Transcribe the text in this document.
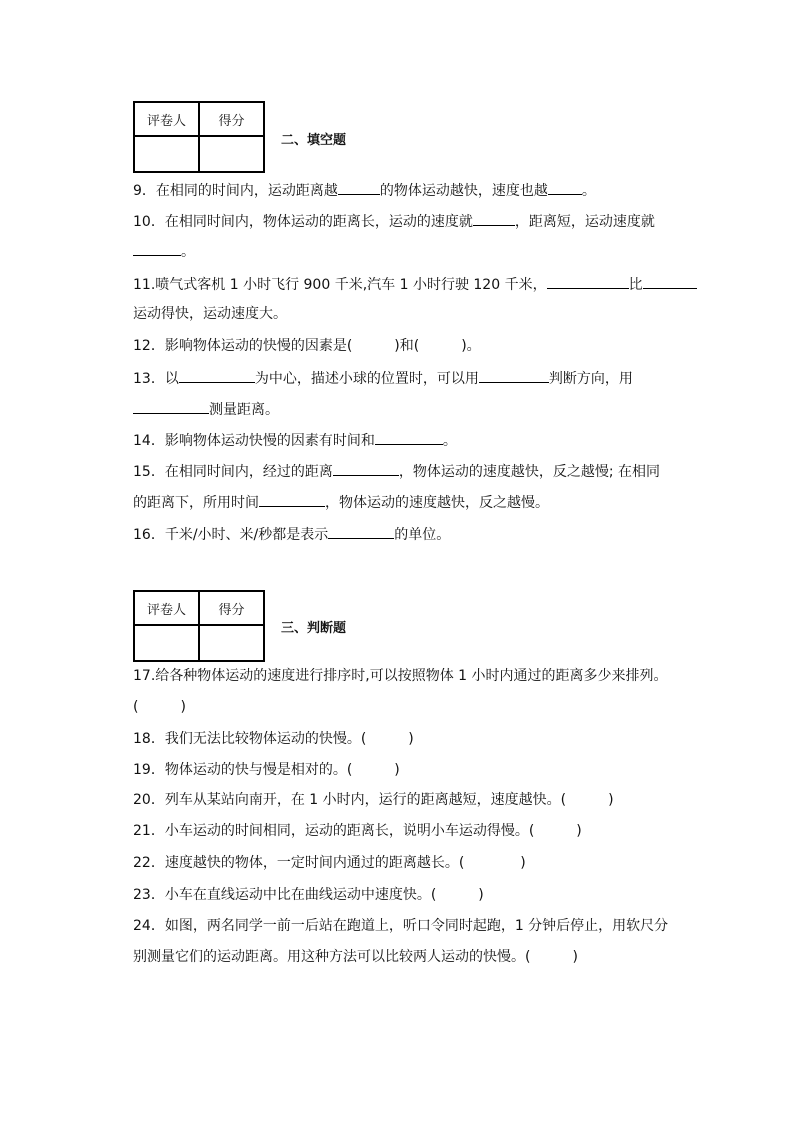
评卷人	得分

二、填空题
9．在相同的时间内，运动距离越	的物体运动越快，速度也越 。
10．在相同时间内，物体运动的距离长，运动的速度就	，距离短，运动速度就
。
11.喷气式客机 1 小时飞行 900 千米,汽车 1 小时行驶 120 千米，	比
运动得快，运动速度大。
12．影响物体运动的快慢的因素是(　　　)和(　　　)。
13．以	为中心，描述小球的位置时，可以用	判断方向，用
测量距离。
14．影响物体运动快慢的因素有时间和	。
15．在相同时间内，经过的距离	，物体运动的速度越快，反之越慢; 在相同
的距离下，所用时间	，物体运动的速度越快，反之越慢。
16．千米/小时、米/秒都是表示	的单位。
评卷人	得分

三、判断题
17.给各种物体运动的速度进行排序时,可以按照物体 1 小时内通过的距离多少来排列。
(　　　)
18．我们无法比较物体运动的快慢。(　　　)
19．物体运动的快与慢是相对的。(　　　)
20．列车从某站向南开，在 1 小时内，运行的距离越短，速度越快。(　　　)
21．小车运动的时间相同，运动的距离长，说明小车运动得慢。(　　　)
22．速度越快的物体，一定时间内通过的距离越长。(　　　　)
23．小车在直线运动中比在曲线运动中速度快。(　　　)
24．如图，两名同学一前一后站在跑道上，听口令同时起跑，1 分钟后停止，用软尺分
别测量它们的运动距离。用这种方法可以比较两人运动的快慢。(　　　)
